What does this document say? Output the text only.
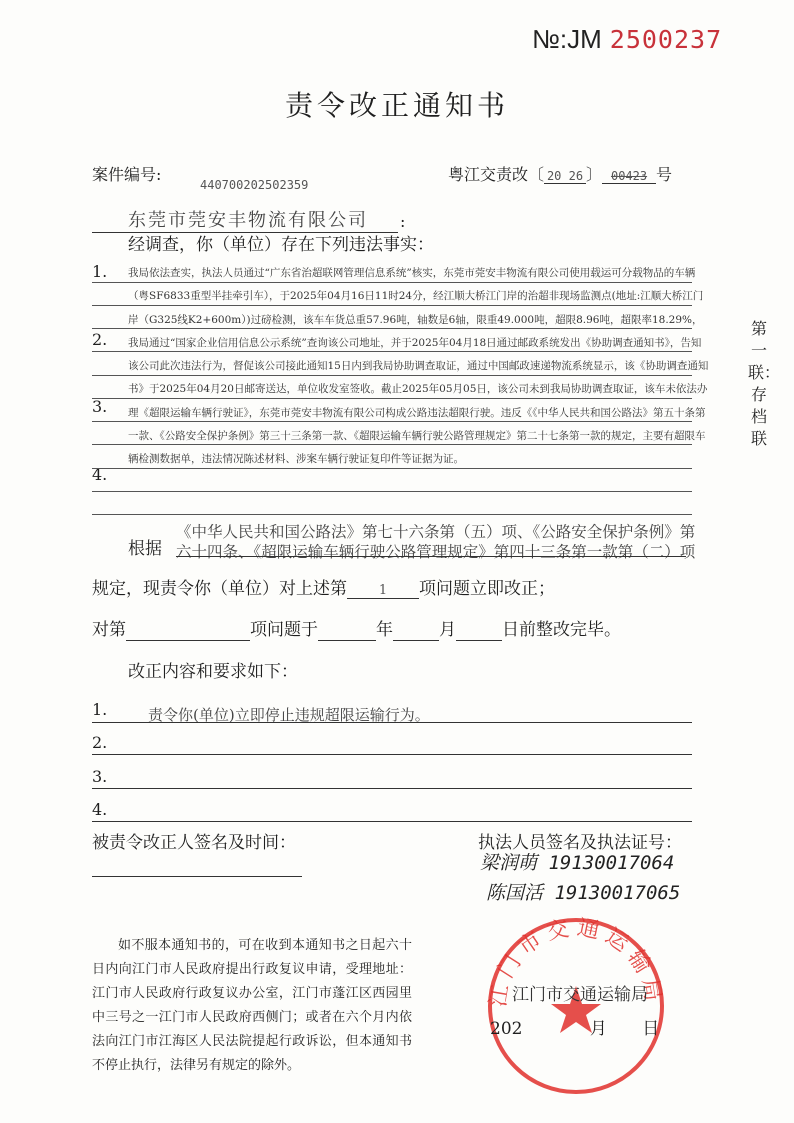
№:JM 2500237
责令改正通知书
案件编号:
440700202502359
粤江交责改〔 20 26 〕 00423 号
东莞市莞安丰物流有限公司 :
经调查，你（单位）存在下列违法事实：
1.
2.
3.
4.
我局依法查实，执法人员通过“广东省治超联网管理信息系统”核实，东莞市莞安丰物流有限公司使用载运可分载物品的车辆（粤SF6833重型半挂牵引车），于2025年04月16日11时24分，经江顺大桥江门岸的治超非现场监测点(地址:江顺大桥江门岸（G325线K2+600m）)过磅检测，该车车货总重57.96吨，轴数是6轴，限重49.000吨，超限8.96吨，超限率18.29%，我局通过“国家企业信用信息公示系统”查询该公司地址，并于2025年04月18日通过邮政系统发出《协助调查通知书》，告知该公司此次违法行为，督促该公司接此通知15日内到我局协助调查取证，通过中国邮政速递物流系统显示，该《协助调查通知书》于2025年04月20日邮寄送达，单位收发室签收。截止2025年05月05日，该公司未到我局协助调查取证，该车未依法办理《超限运输车辆行驶证》，东莞市莞安丰物流有限公司构成公路违法超限行驶。违反《《中华人民共和国公路法》第五十条第一款、《公路安全保护条例》第三十三条第一款、《超限运输车辆行驶公路管理规定》第二十七条第一款的规定，主要有超限车辆检测数据单，违法情况陈述材料、涉案车辆行驶证复印件等证据为证。
根据
《中华人民共和国公路法》第七十六条第（五）项、《公路安全保护条例》第六十四条、《超限运输车辆行驶公路管理规定》第四十三条第一款第（二）项
规定，现责令你（单位）对上述第 1 项问题立即改正；
对第	项问题于	年	月	日前整改完毕。
改正内容和要求如下：
1.	责令你(单位)立即停止违规超限运输行为。
2.
3.
4.
被责令改正人签名及时间：	执法人员签名及执法证号：
梁润萌 19130017064
陈国活 19130017065
如不服本通知书的，可在收到本通知书之日起六十日内向江门市人民政府提出行政复议申请，受理地址：江门市人民政府行政复议办公室，江门市蓬江区西园里中三号之一江门市人民政府西侧门；或者在六个月内依法向江门市江海区人民法院提起行政诉讼，但本通知书不停止执行，法律另有规定的除外。
江门市交通运输局
江门市交通运输局
202	月 日
第一联：存档联
